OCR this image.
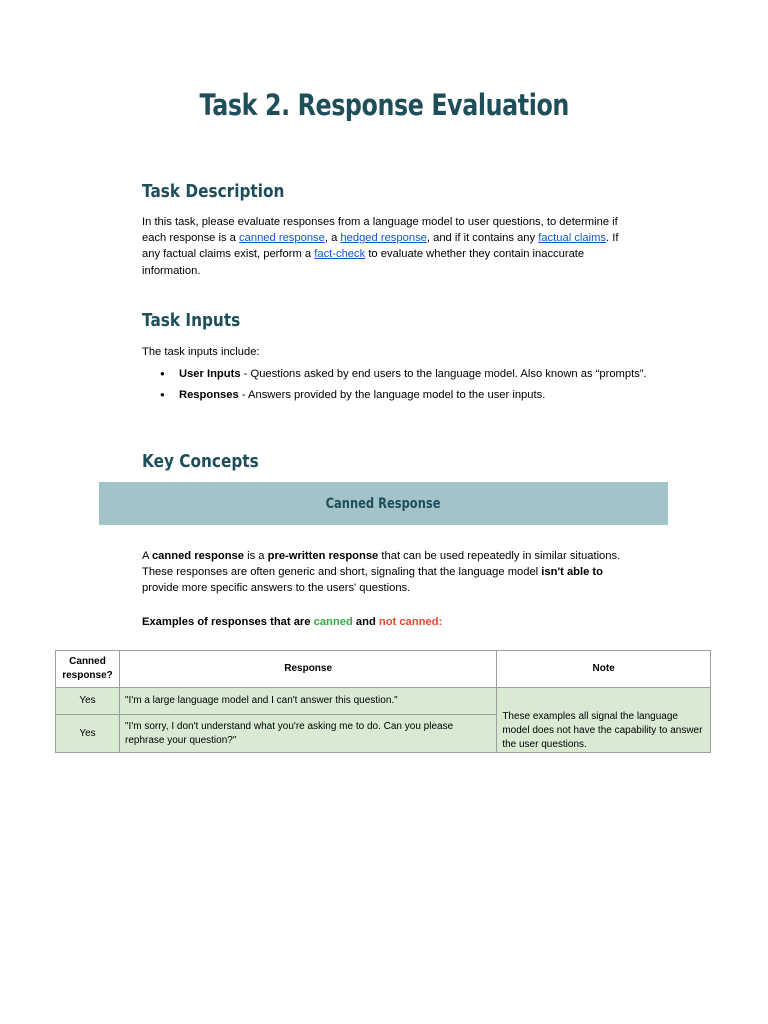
Task 2. Response Evaluation
Task Description
In this task, please evaluate responses from a language model to user questions, to determine if each response is a canned response, a hedged response, and if it contains any factual claims. If any factual claims exist, perform a fact-check to evaluate whether they contain inaccurate information.
Task Inputs
The task inputs include:
● User Inputs - Questions asked by end users to the language model. Also known as “prompts”.
● Responses - Answers provided by the language model to the user inputs.
Key Concepts
Canned Response
A canned response is a pre-written response that can be used repeatedly in similar situations. These responses are often generic and short, signaling that the language model isn't able to provide more specific answers to the users' questions.
Examples of responses that are canned and not canned:
Canned response?	Response	Note
Yes	"I'm a large language model and I can't answer this question."	These examples all signal the language model does not have the capability to answer the user questions.
Yes	"I'm sorry, I don't understand what you're asking me to do. Can you please rephrase your question?"	
